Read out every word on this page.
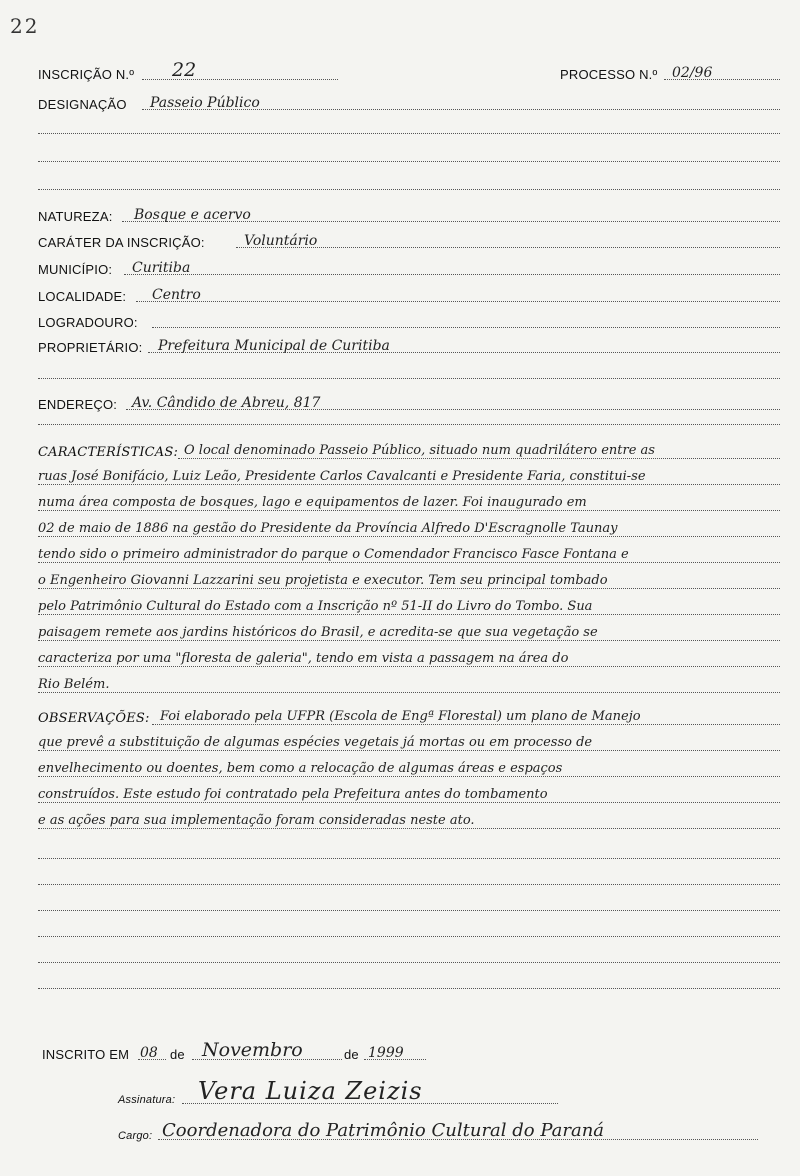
22
INSCRIÇÃO N.º 22	PROCESSO N.º 02/96
DESIGNAÇÃO Passeio Público
NATUREZA: Bosque e acervo
CARÁTER DA INSCRIÇÃO:	Voluntário
MUNICÍPIO: Curitiba
LOCALIDADE: Centro
LOGRADOURO:
PROPRIETÁRIO: Prefeitura Municipal de Curitiba
ENDEREÇO: Av. Cândido de Abreu, 817
CARACTERÍSTICAS: O local denominado Passeio Público, situado num quadrilátero entre as
ruas José Bonifácio, Luiz Leão, Presidente Carlos Cavalcanti e Presidente Faria, constitui-se
numa área composta de bosques, lago e equipamentos de lazer. Foi inaugurado em
02 de maio de 1886 na gestão do Presidente da Província Alfredo D'Escragnolle Taunay
tendo sido o primeiro administrador do parque o Comendador Francisco Fasce Fontana e
o Engenheiro Giovanni Lazzarini seu projetista e executor. Tem seu principal tombado
pelo Patrimônio Cultural do Estado com a Inscrição nº 51-II do Livro do Tombo. Sua
paisagem remete aos jardins históricos do Brasil, e acredita-se que sua vegetação se
caracteriza por uma "floresta de galeria", tendo em vista a passagem na área do
Rio Belém.
OBSERVAÇÕES: Foi elaborado pela UFPR (Escola de Engª Florestal) um plano de Manejo
que prevê a substituição de algumas espécies vegetais já mortas ou em processo de
envelhecimento ou doentes, bem como a relocação de algumas áreas e espaços
construídos. Este estudo foi contratado pela Prefeitura antes do tombamento
e as ações para sua implementação foram consideradas neste ato.
INSCRITO EM 08 de Novembro	de 1999
Assinatura: Vera Luiza Zeizis
Cargo: Coordenadora do Patrimônio Cultural do Paraná
